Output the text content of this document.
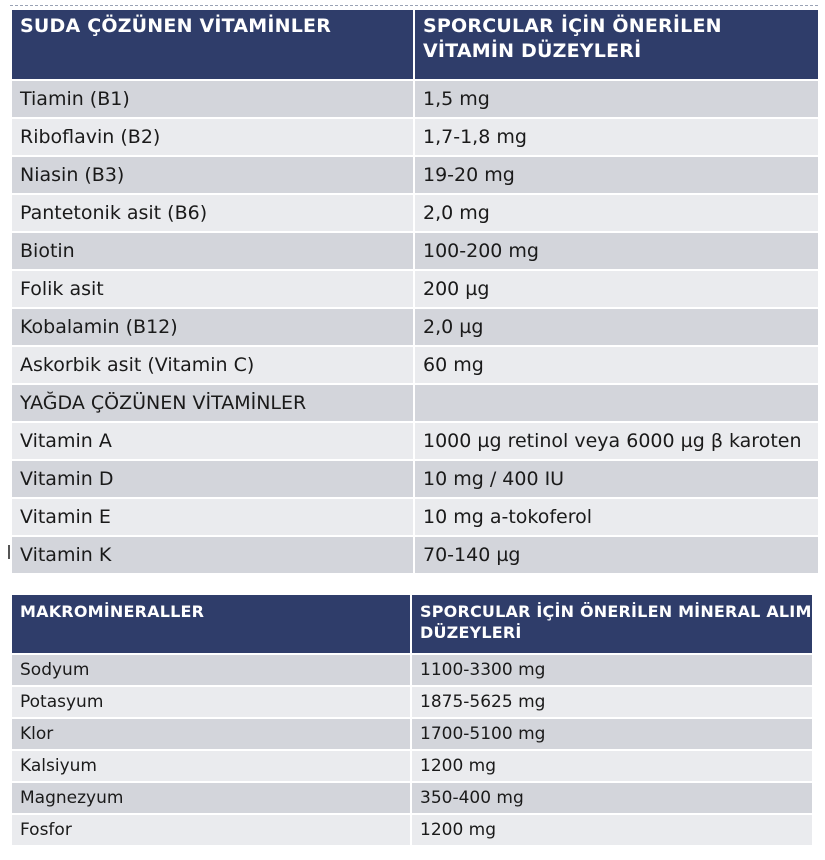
SUDA ÇÖZÜNEN VİTAMİNLER	SPORCULAR İÇİN ÖNERİLEN VİTAMİN DÜZEYLERİ
Tiamin (B1)	1,5 mg
Riboflavin (B2)	1,7-1,8 mg
Niasin (B3)	19-20 mg
Pantetonik asit (B6)	2,0 mg
Biotin	100-200 mg
Folik asit	200 µg
Kobalamin (B12)	2,0 µg
Askorbik asit (Vitamin C)	60 mg
YAĞDA ÇÖZÜNEN VİTAMİNLER	
Vitamin A	1000 µg retinol veya 6000 µg β karoten
Vitamin D	10 mg / 400 IU
Vitamin E	10 mg a-tokoferol
Vitamin K	70-140 µg
MAKROMİNERALLER	SPORCULAR İÇİN ÖNERİLEN MİNERAL ALIM DÜZEYLERİ
Sodyum	1100-3300 mg
Potasyum	1875-5625 mg
Klor	1700-5100 mg
Kalsiyum	1200 mg
Magnezyum	350-400 mg
Fosfor	1200 mg
